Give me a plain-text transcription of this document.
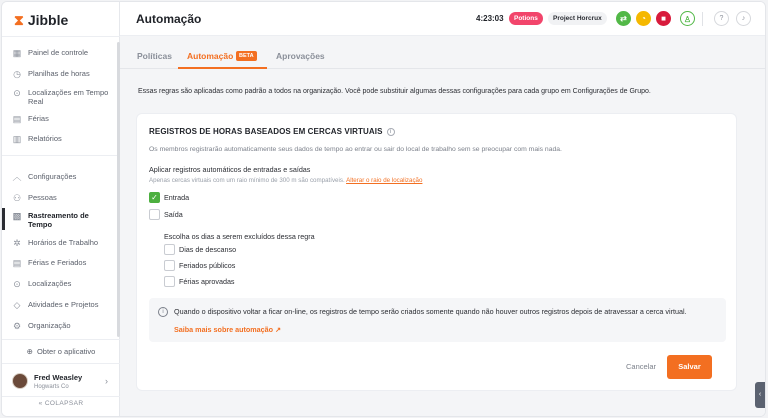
⧗ Jibble
▦ Painel de controle
◷ Planilhas de horas
⊙ Localizações em Tempo Real
▤ Férias
▥ Relatórios
︿ Configurações
⚇ Pessoas
▧ Rastreamento de Tempo
✲ Horários de Trabalho
▤ Férias e Feriados
⊙ Localizações
◇ Atividades e Projetos
⚙ Organização
⊕ Obter o aplicativo
Fred Weasley
Hogwarts Co
›
« COLAPSAR
Automação	4:23:03	Potions	Project Horcrux	⇄	◔	■	♙	?	♪
Políticas Automação	BETA	Aprovações
Essas regras são aplicadas como padrão a todos na organização. Você pode substituir algumas dessas configurações para cada grupo em Configurações de Grupo.
REGISTROS DE HORAS BASEADOS EM CERCAS VIRTUAIS i
Os membros registrarão automaticamente seus dados de tempo ao entrar ou sair do local de trabalho sem se preocupar com mais nada.
Aplicar registros automáticos de entradas e saídas
Apenas cercas virtuais com um raio mínimo de 300 m são compatíveis. Alterar o raio de localização
✓ Entrada
Saída
Escolha os dias a serem excluídos dessa regra
Dias de descanso
Feriados públicos
Férias aprovadas
i	Quando o dispositivo voltar a ficar on-line, os registros de tempo serão criados somente quando não houver outros registros depois de atravessar a cerca virtual.
Saiba mais sobre automação ↗
Cancelar	Salvar
‹
